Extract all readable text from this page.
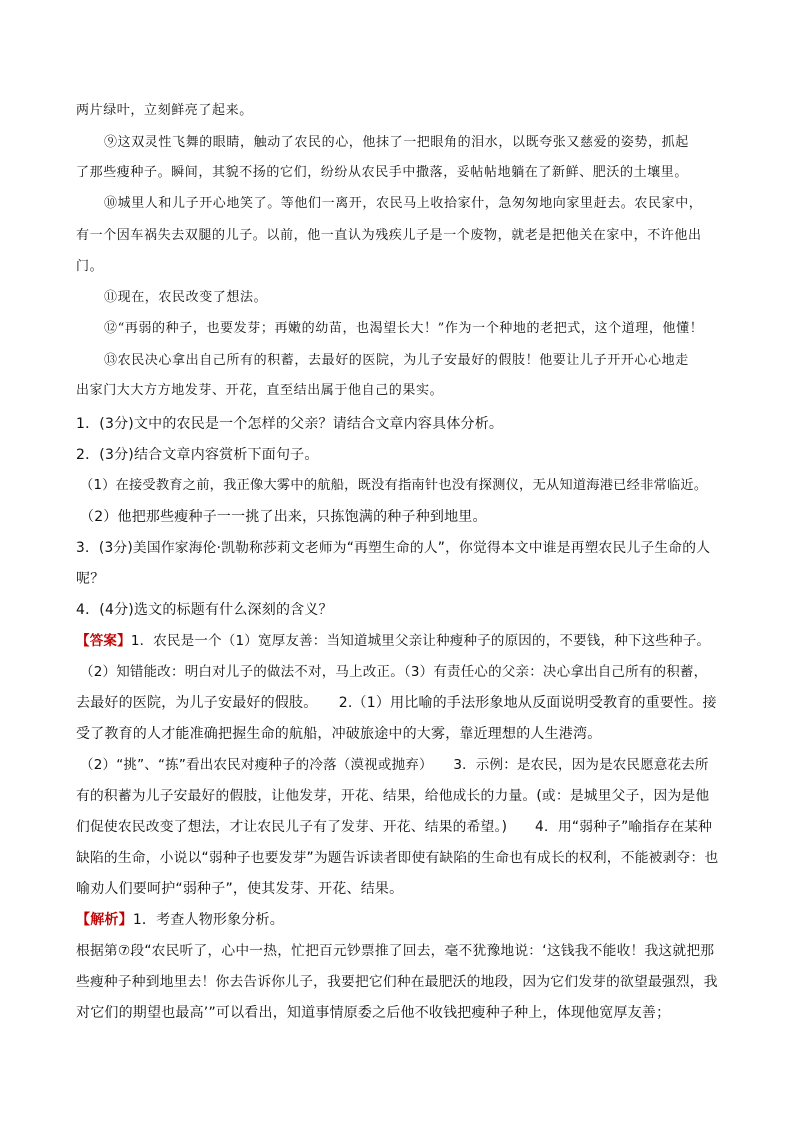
两片绿叶，立刻鲜亮了起来。
⑨这双灵性飞舞的眼睛，触动了农民的心，他抹了一把眼角的泪水，以既夸张又慈爱的姿势，抓起
了那些瘦种子。瞬间，其貌不扬的它们，纷纷从农民手中撒落，妥帖帖地躺在了新鲜、肥沃的土壤里。
⑩城里人和儿子开心地笑了。等他们一离开，农民马上收拾家什，急匆匆地向家里赶去。农民家中，
有一个因车祸失去双腿的儿子。以前，他一直认为残疾儿子是一个废物，就老是把他关在家中，不许他出
门。
⑪现在，农民改变了想法。
⑫“再弱的种子，也要发芽；再嫩的幼苗，也渴望长大！”作为一个种地的老把式，这个道理，他懂！
⑬农民决心拿出自己所有的积蓄，去最好的医院，为儿子安最好的假肢！他要让儿子开开心心地走
出家门大大方方地发芽、开花，直至结出属于他自己的果实。
1．(3分)文中的农民是一个怎样的父亲？请结合文章内容具体分析。
2．(3分)结合文章内容赏析下面句子。
（1）在接受教育之前，我正像大雾中的航船，既没有指南针也没有探测仪，无从知道海港已经非常临近。
（2）他把那些瘦种子一一挑了出来，只拣饱满的种子种到地里。
3．(3分)美国作家海伦·凯勒称莎莉文老师为“再塑生命的人”，你觉得本文中谁是再塑农民儿子生命的人
呢？
4．(4分)选文的标题有什么深刻的含义？
【答案】1．农民是一个（1）宽厚友善：当知道城里父亲让种瘦种子的原因的，不要钱，种下这些种子。
（2）知错能改：明白对儿子的做法不对，马上改正。（3）有责任心的父亲：决心拿出自己所有的积蓄，
去最好的医院，为儿子安最好的假肢。　　2.（1）用比喻的手法形象地从反面说明受教育的重要性。接
受了教育的人才能准确把握生命的航船，冲破旅途中的大雾，靠近理想的人生港湾。
（2）“挑”、“拣”看出农民对瘦种子的冷落（漠视或抛弃）　　3．示例：是农民，因为是农民愿意花去所
有的积蓄为儿子安最好的假肢，让他发芽，开花、结果，给他成长的力量。(或：是城里父子，因为是他
们促使农民改变了想法，才让农民儿子有了发芽、开花、结果的希望。)　　4．用“弱种子”喻指存在某种
缺陷的生命，小说以“弱种子也要发芽”为题告诉读者即使有缺陷的生命也有成长的权利，不能被剥夺：也
喻劝人们要呵护“弱种子”，使其发芽、开花、结果。
【解析】1．考查人物形象分析。
根据第⑦段“农民听了，心中一热，忙把百元钞票推了回去，毫不犹豫地说：‘这钱我不能收！我这就把那
些瘦种子种到地里去！你去告诉你儿子，我要把它们种在最肥沃的地段，因为它们发芽的欲望最强烈，我
对它们的期望也最高’”可以看出，知道事情原委之后他不收钱把瘦种子种上，体现他宽厚友善；
